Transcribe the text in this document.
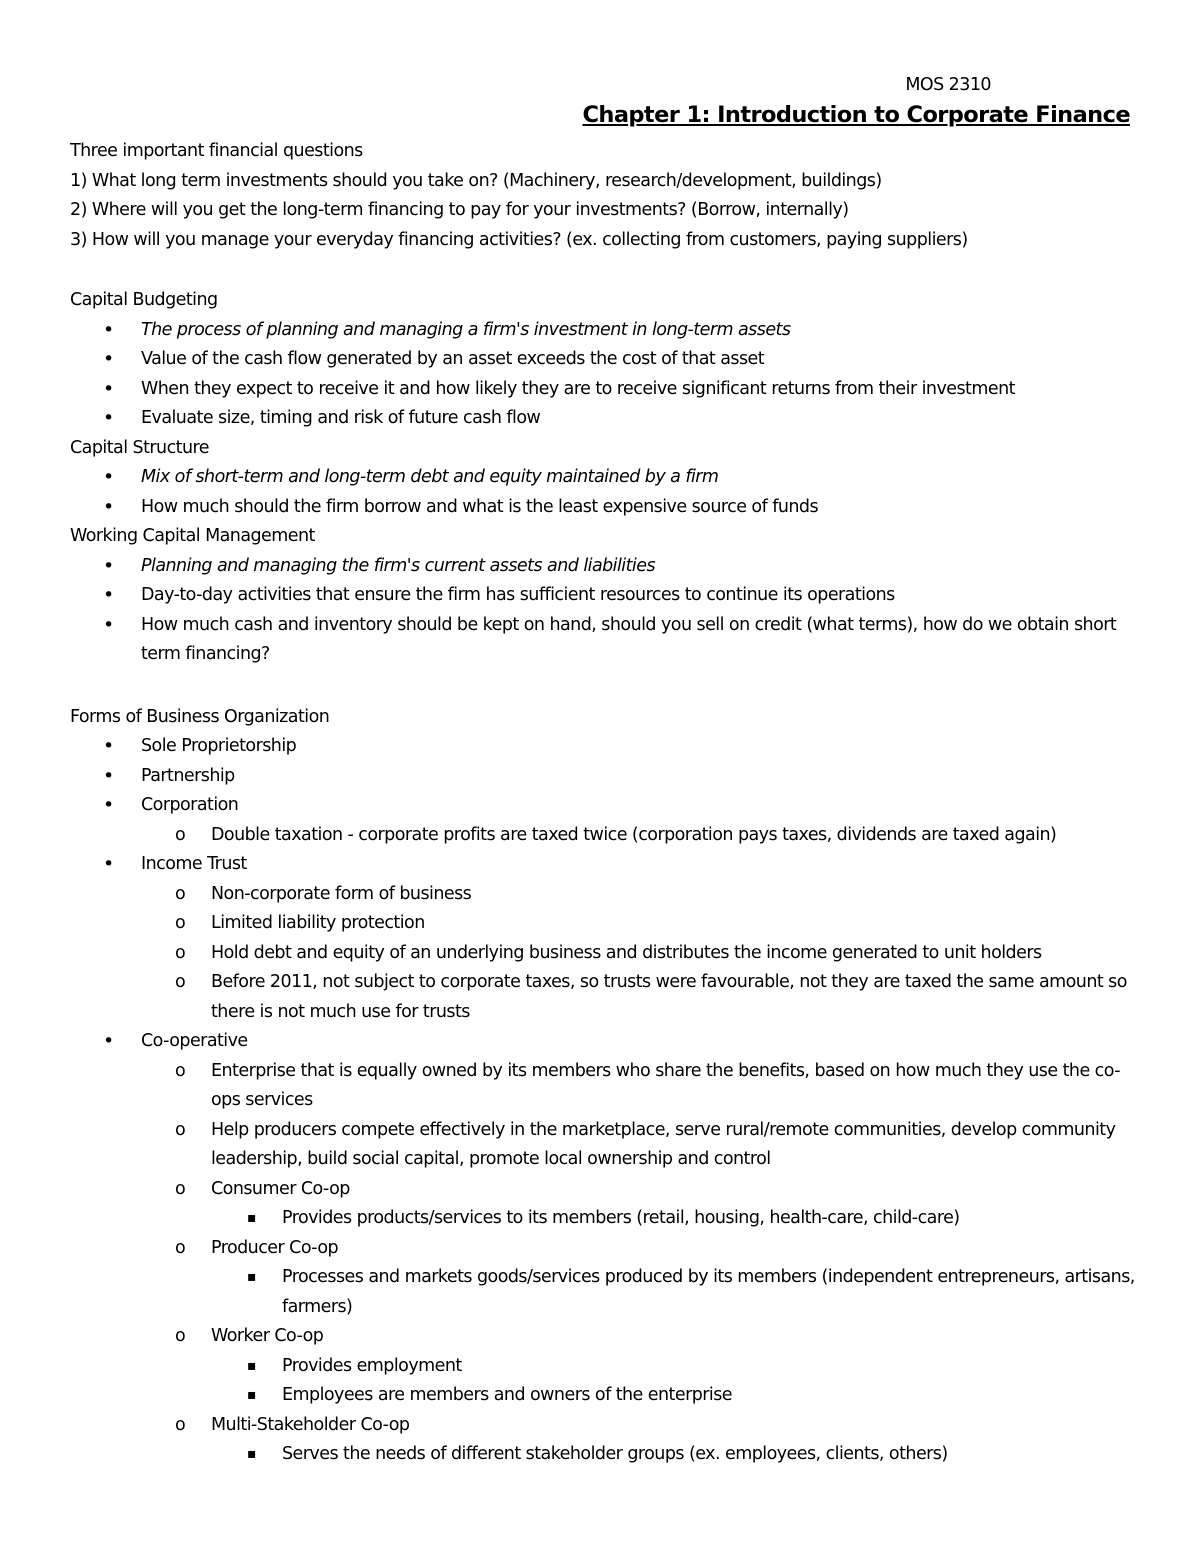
MOS 2310

Chapter 1: Introduction to Corporate Finance

Three important financial questions

1) What long term investments should you take on? (Machinery, research/development, buildings)

2) Where will you get the long-term financing to pay for your investments? (Borrow, internally)

3) How will you manage your everyday financing activities? (ex. collecting from customers, paying suppliers)

Capital Budgeting

• The process of planning and managing a firm's investment in long-term assets
• Value of the cash flow generated by an asset exceeds the cost of that asset
• When they expect to receive it and how likely they are to receive significant returns from their investment
• Evaluate size, timing and risk of future cash flow

Capital Structure

• Mix of short-term and long-term debt and equity maintained by a firm
• How much should the firm borrow and what is the least expensive source of funds

Working Capital Management

• Planning and managing the firm's current assets and liabilities
• Day-to-day activities that ensure the firm has sufficient resources to continue its operations
• How much cash and inventory should be kept on hand, should you sell on credit (what terms), how do we obtain short term financing?

Forms of Business Organization

• Sole Proprietorship
• Partnership
• Corporation
o Double taxation - corporate profits are taxed twice (corporation pays taxes, dividends are taxed again)
• Income Trust
o Non-corporate form of business
o Limited liability protection
o Hold debt and equity of an underlying business and distributes the income generated to unit holders
o Before 2011, not subject to corporate taxes, so trusts were favourable, not they are taxed the same amount so there is not much use for trusts
• Co-operative
o Enterprise that is equally owned by its members who share the benefits, based on how much they use the co-ops services
o Help producers compete effectively in the marketplace, serve rural/remote communities, develop community leadership, build social capital, promote local ownership and control
o Consumer Co-op
▪ Provides products/services to its members (retail, housing, health-care, child-care)
o Producer Co-op
▪ Processes and markets goods/services produced by its members (independent entrepreneurs, artisans, farmers)
o Worker Co-op
▪ Provides employment
▪ Employees are members and owners of the enterprise
o Multi-Stakeholder Co-op
▪ Serves the needs of different stakeholder groups (ex. employees, clients, others)
